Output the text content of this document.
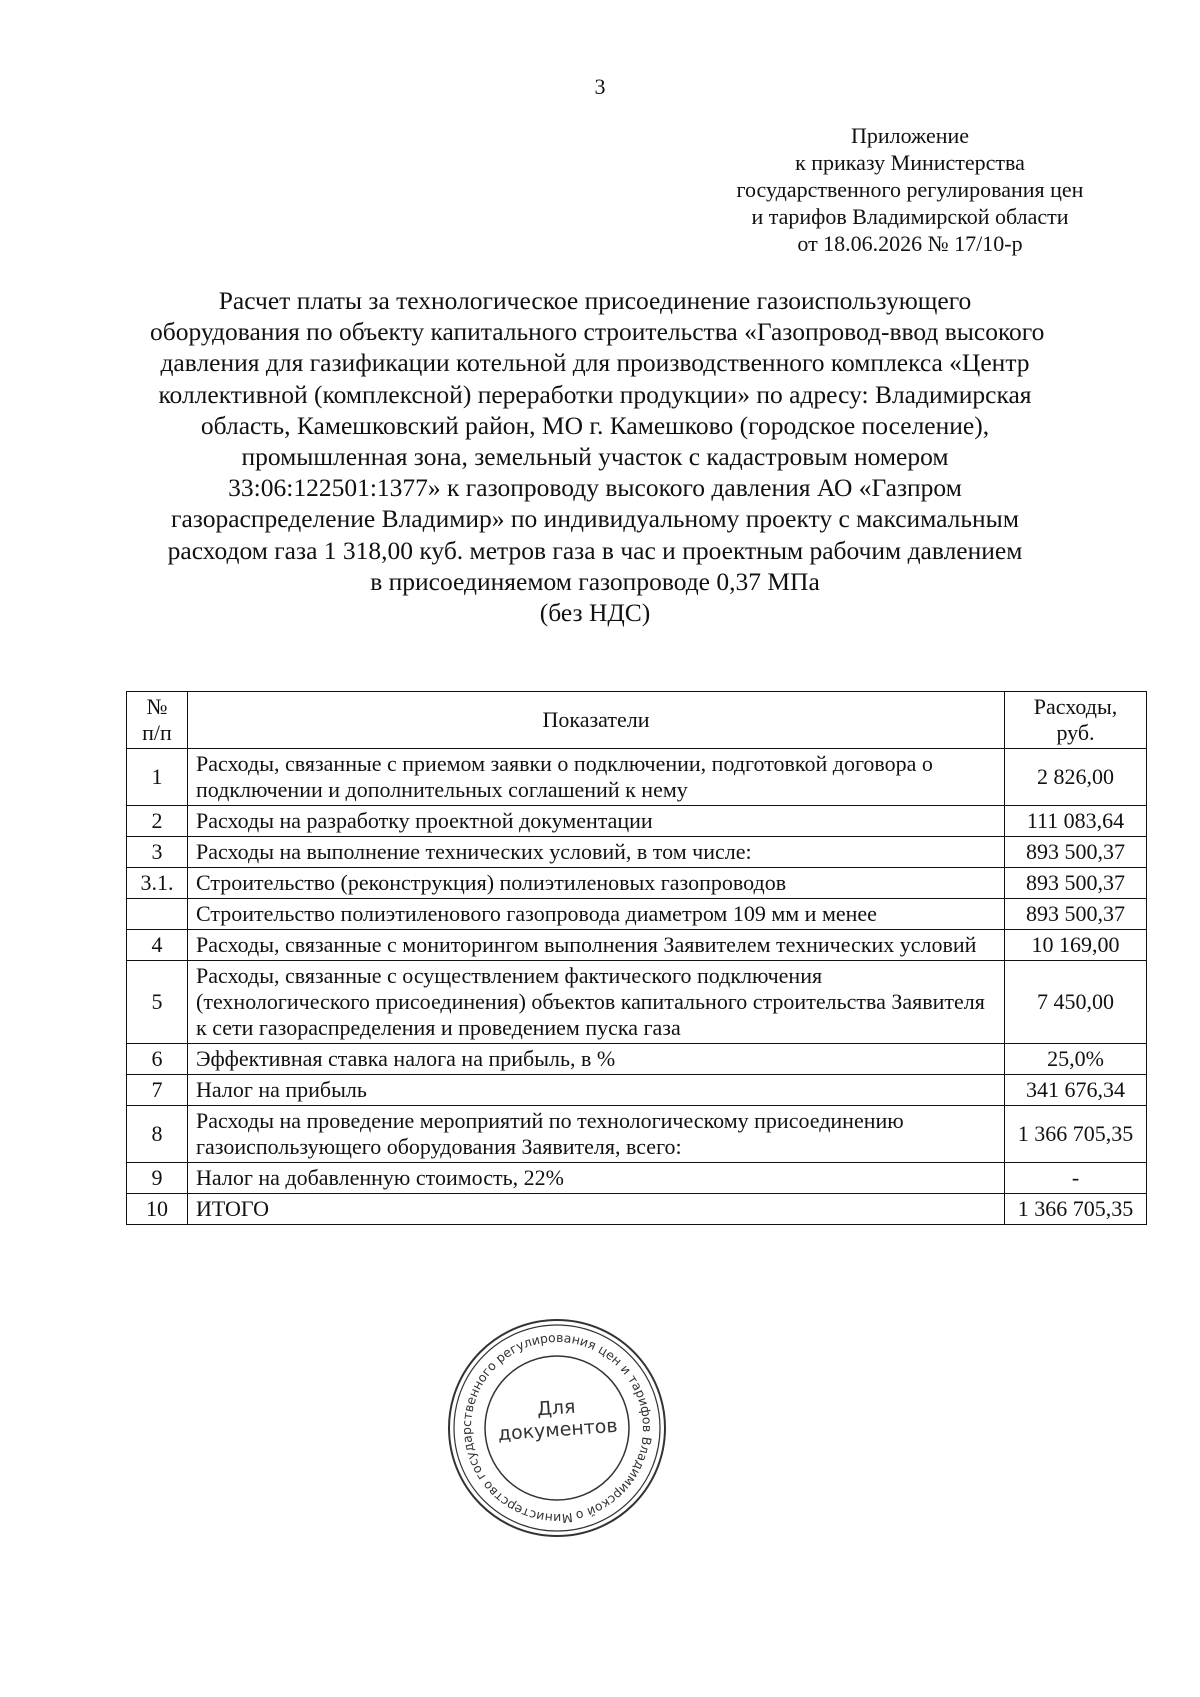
3
Приложение
к приказу Министерства
государственного регулирования цен
и тарифов Владимирской области
от 18.06.2026 № 17/10-р
Расчет платы за технологическое присоединение газоиспользующего
оборудования по объекту капитального строительства «Газопровод-ввод высокого
давления для газификации котельной для производственного комплекса «Центр
коллективной (комплексной) переработки продукции» по адресу: Владимирская
область, Камешковский район, МО г. Камешково (городское поселение),
промышленная зона, земельный участок с кадастровым номером
33:06:122501:1377» к газопроводу высокого давления АО «Газпром
газораспределение Владимир» по индивидуальному проекту с максимальным
расходом газа 1 318,00 куб. метров газа в час и проектным рабочим давлением
в присоединяемом газопроводе 0,37 МПа
(без НДС)
№ п/п	Показатели	Расходы, руб.
1	Расходы, связанные с приемом заявки о подключении, подготовкой договора о подключении и дополнительных соглашений к нему	2 826,00
2	Расходы на разработку проектной документации	111 083,64
3	Расходы на выполнение технических условий, в том числе:	893 500,37
3.1.	Строительство (реконструкция) полиэтиленовых газопроводов	893 500,37
	Строительство полиэтиленового газопровода диаметром 109 мм и менее	893 500,37
4	Расходы, связанные с мониторингом выполнения Заявителем технических условий	10 169,00
5	Расходы, связанные с осуществлением фактического подключения (технологического присоединения) объектов капитального строительства Заявителя к сети газораспределения и проведением пуска газа	7 450,00
6	Эффективная ставка налога на прибыль, в %	25,0%
7	Налог на прибыль	341 676,34
8	Расходы на проведение мероприятий по технологическому присоединению газоиспользующего оборудования Заявителя, всего:	1 366 705,35
9	Налог на добавленную стоимость, 22%	-
10	ИТОГО	1 366 705,35
Министерство государственного регулирования цен и тарифов Владимирской области
Для
документов
